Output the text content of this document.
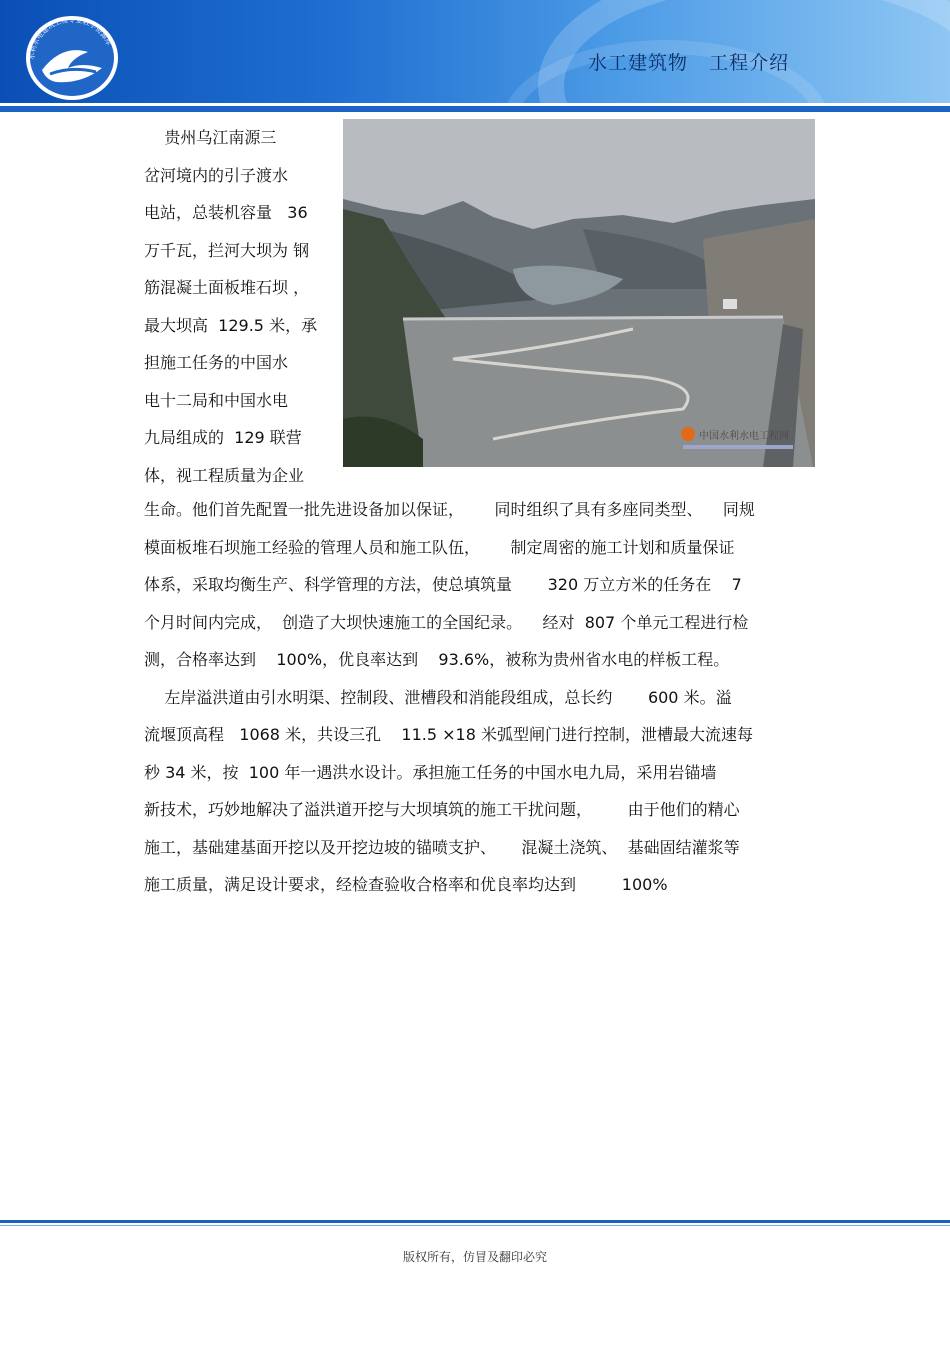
水利水电建筑工程专业教学资源库
水工建筑物   工程介绍
中国水利水电工程网
贵州乌江南源三
岔河境内的引子渡水
电站，总装机容量   36
万千瓦，拦河大坝为 钢
筋混凝土面板堆石坝 ，
最大坝高  129.5 米，承
担施工任务的中国水
电十二局和中国水电
九局组成的  129 联营
体，视工程质量为企业
生命。他们首先配置一批先进设备加以保证，      同时组织了具有多座同类型、    同规
模面板堆石坝施工经验的管理人员和施工队伍，      制定周密的施工计划和质量保证
体系，采取均衡生产、科学管理的方法，使总填筑量       320 万立方米的任务在    7
个月时间内完成，  创造了大坝快速施工的全国纪录。    经对  807 个单元工程进行检
测，合格率达到    100%，优良率达到    93.6%，被称为贵州省水电的样板工程。
左岸溢洪道由引水明渠、控制段、泄槽段和消能段组成，总长约       600 米。溢
流堰顶高程   1068 米，共设三孔    11.5 ×18 米弧型闸门进行控制，泄槽最大流速每
秒 34 米，按  100 年一遇洪水设计。承担施工任务的中国水电九局，采用岩锚墙
新技术，巧妙地解决了溢洪道开挖与大坝填筑的施工干扰问题，       由于他们的精心
施工，基础建基面开挖以及开挖边坡的锚喷支护、     混凝土浇筑、  基础固结灌浆等
施工质量，满足设计要求，经检查验收合格率和优良率均达到         100%
版权所有，仿冒及翻印必究
